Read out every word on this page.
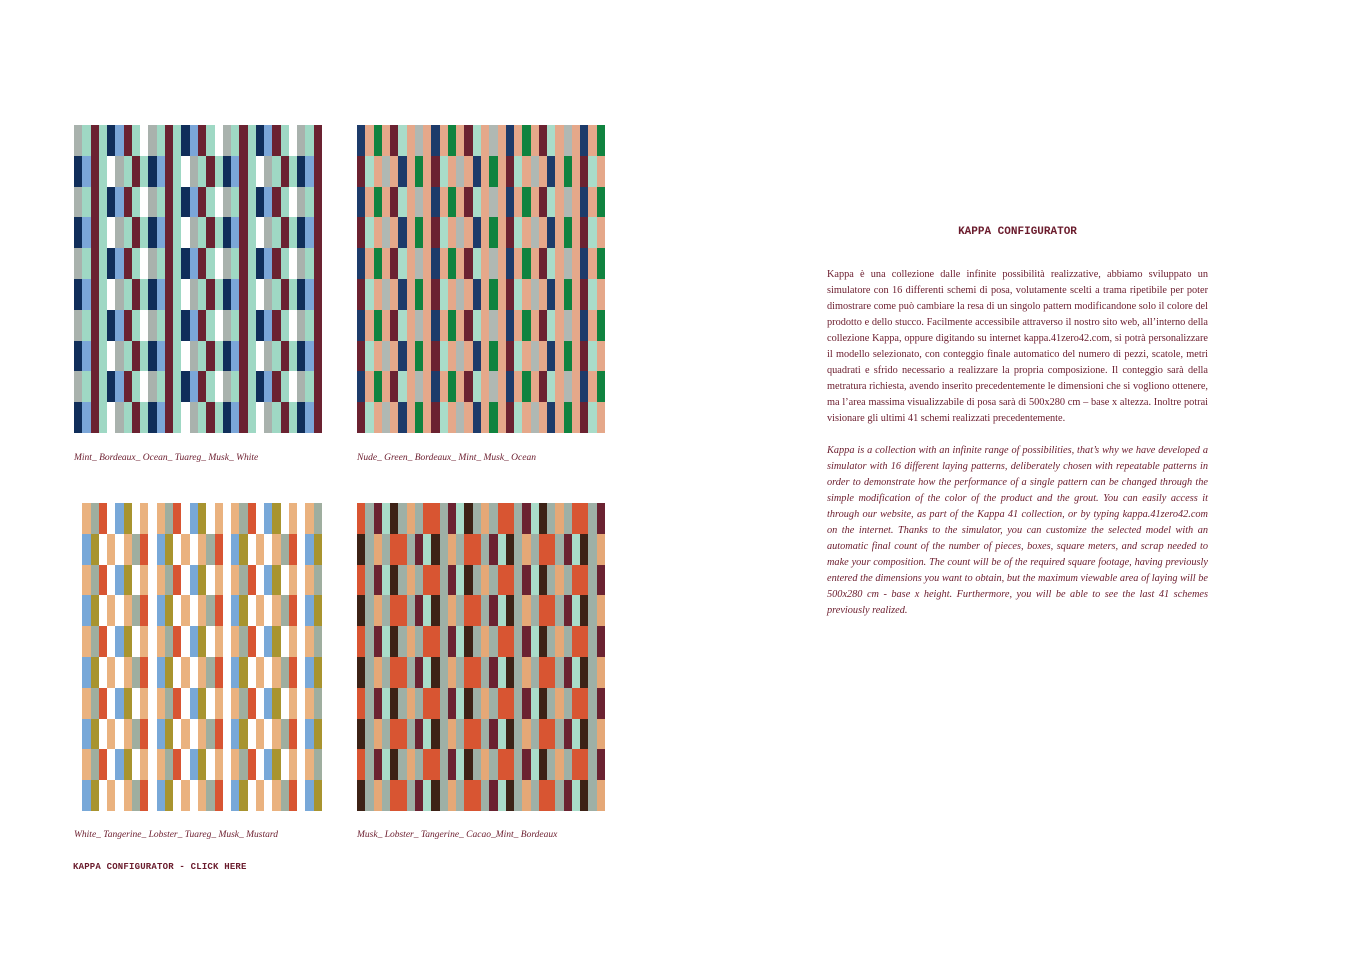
Mint_ Bordeaux_ Ocean_ Tuareg_ Musk_ White	Nude_ Green_ Bordeaux_ Mint_ Musk_ Ocean
White_ Tangerine_ Lobster_ Tuareg_ Musk_ Mustard	Musk_ Lobster_ Tangerine_ Cacao_Mint_ Bordeaux
KAPPA CONFIGURATOR - CLICK HERE
KAPPA CONFIGURATOR

Kappa è una collezione dalle infinite possibilità realizzative, abbiamo sviluppato un simulatore con 16 differenti schemi di posa, volutamente scelti a trama ripetibile per poter dimostrare come può cambiare la resa di un singolo pattern modificandone solo il colore del prodotto e dello stucco. Facilmente accessibile attraverso il nostro sito web, all’interno della collezione Kappa, oppure digitando su internet kappa.41zero42.com, si potrà personalizzare il modello selezionato, con conteggio finale automatico del numero di pezzi, scatole, metri quadrati e sfrido necessario a realizzare la propria composizione. Il conteggio sarà della metratura richiesta, avendo inserito precedentemente le dimensioni che si vogliono ottenere, ma l’area massima visualizzabile di posa sarà di 500x280 cm – base x altezza. Inoltre potrai visionare gli ultimi 41 schemi realizzati precedentemente.

Kappa is a collection with an infinite range of possibilities, that’s why we have developed a simulator with 16 different laying patterns, deliberately chosen with repeatable patterns in order to demonstrate how the performance of a single pattern can be changed through the simple modification of the color of the product and the grout. You can easily access it through our website, as part of the Kappa 41 collection, or by typing kappa.41zero42.com on the internet. Thanks to the simulator, you can customize the selected model with an automatic final count of the number of pieces, boxes, square meters, and scrap needed to make your composition. The count will be of the required square footage, having previously entered the dimensions you want to obtain, but the maximum viewable area of laying will be 500x280 cm - base x height. Furthermore, you will be able to see the last 41 schemes previously realized.
